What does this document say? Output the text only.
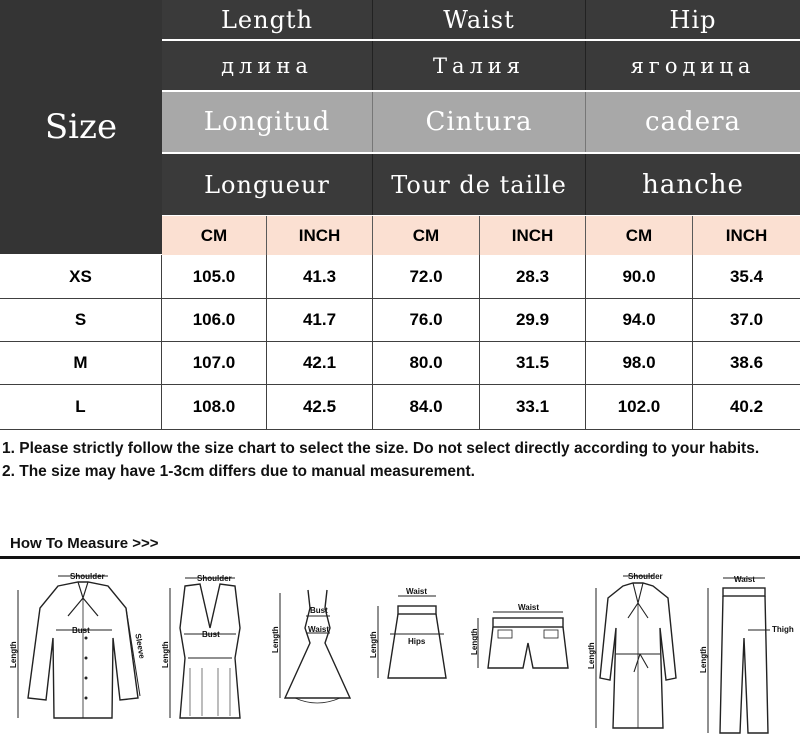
Size
Length	Waist	Hip
длина	Талия	ягодица
Longitud	Cintura	cadera
Longueur	Tour de taille	hanche
CM	INCH	CM	INCH	CM	INCH
XS	105.0	41.3	72.0	28.3	90.0	35.4
S	106.0	41.7	76.0	29.9	94.0	37.0
M	107.0	42.1	80.0	31.5	98.0	38.6
L	108.0	42.5	84.0	33.1	102.0	40.2

1. Please strictly follow the size chart to select the size. Do not select directly according to your habits.

2. The size may have 1-3cm differs due to manual measurement.

How To Measure >>>
Shoulder
Length
Bust
Sleeve
Shoulder
Length
Bust	Length
Bust
Waist
Waist
Hips
Length
Waist
Length
Shoulder
Length
Waist
Thigh
Length
